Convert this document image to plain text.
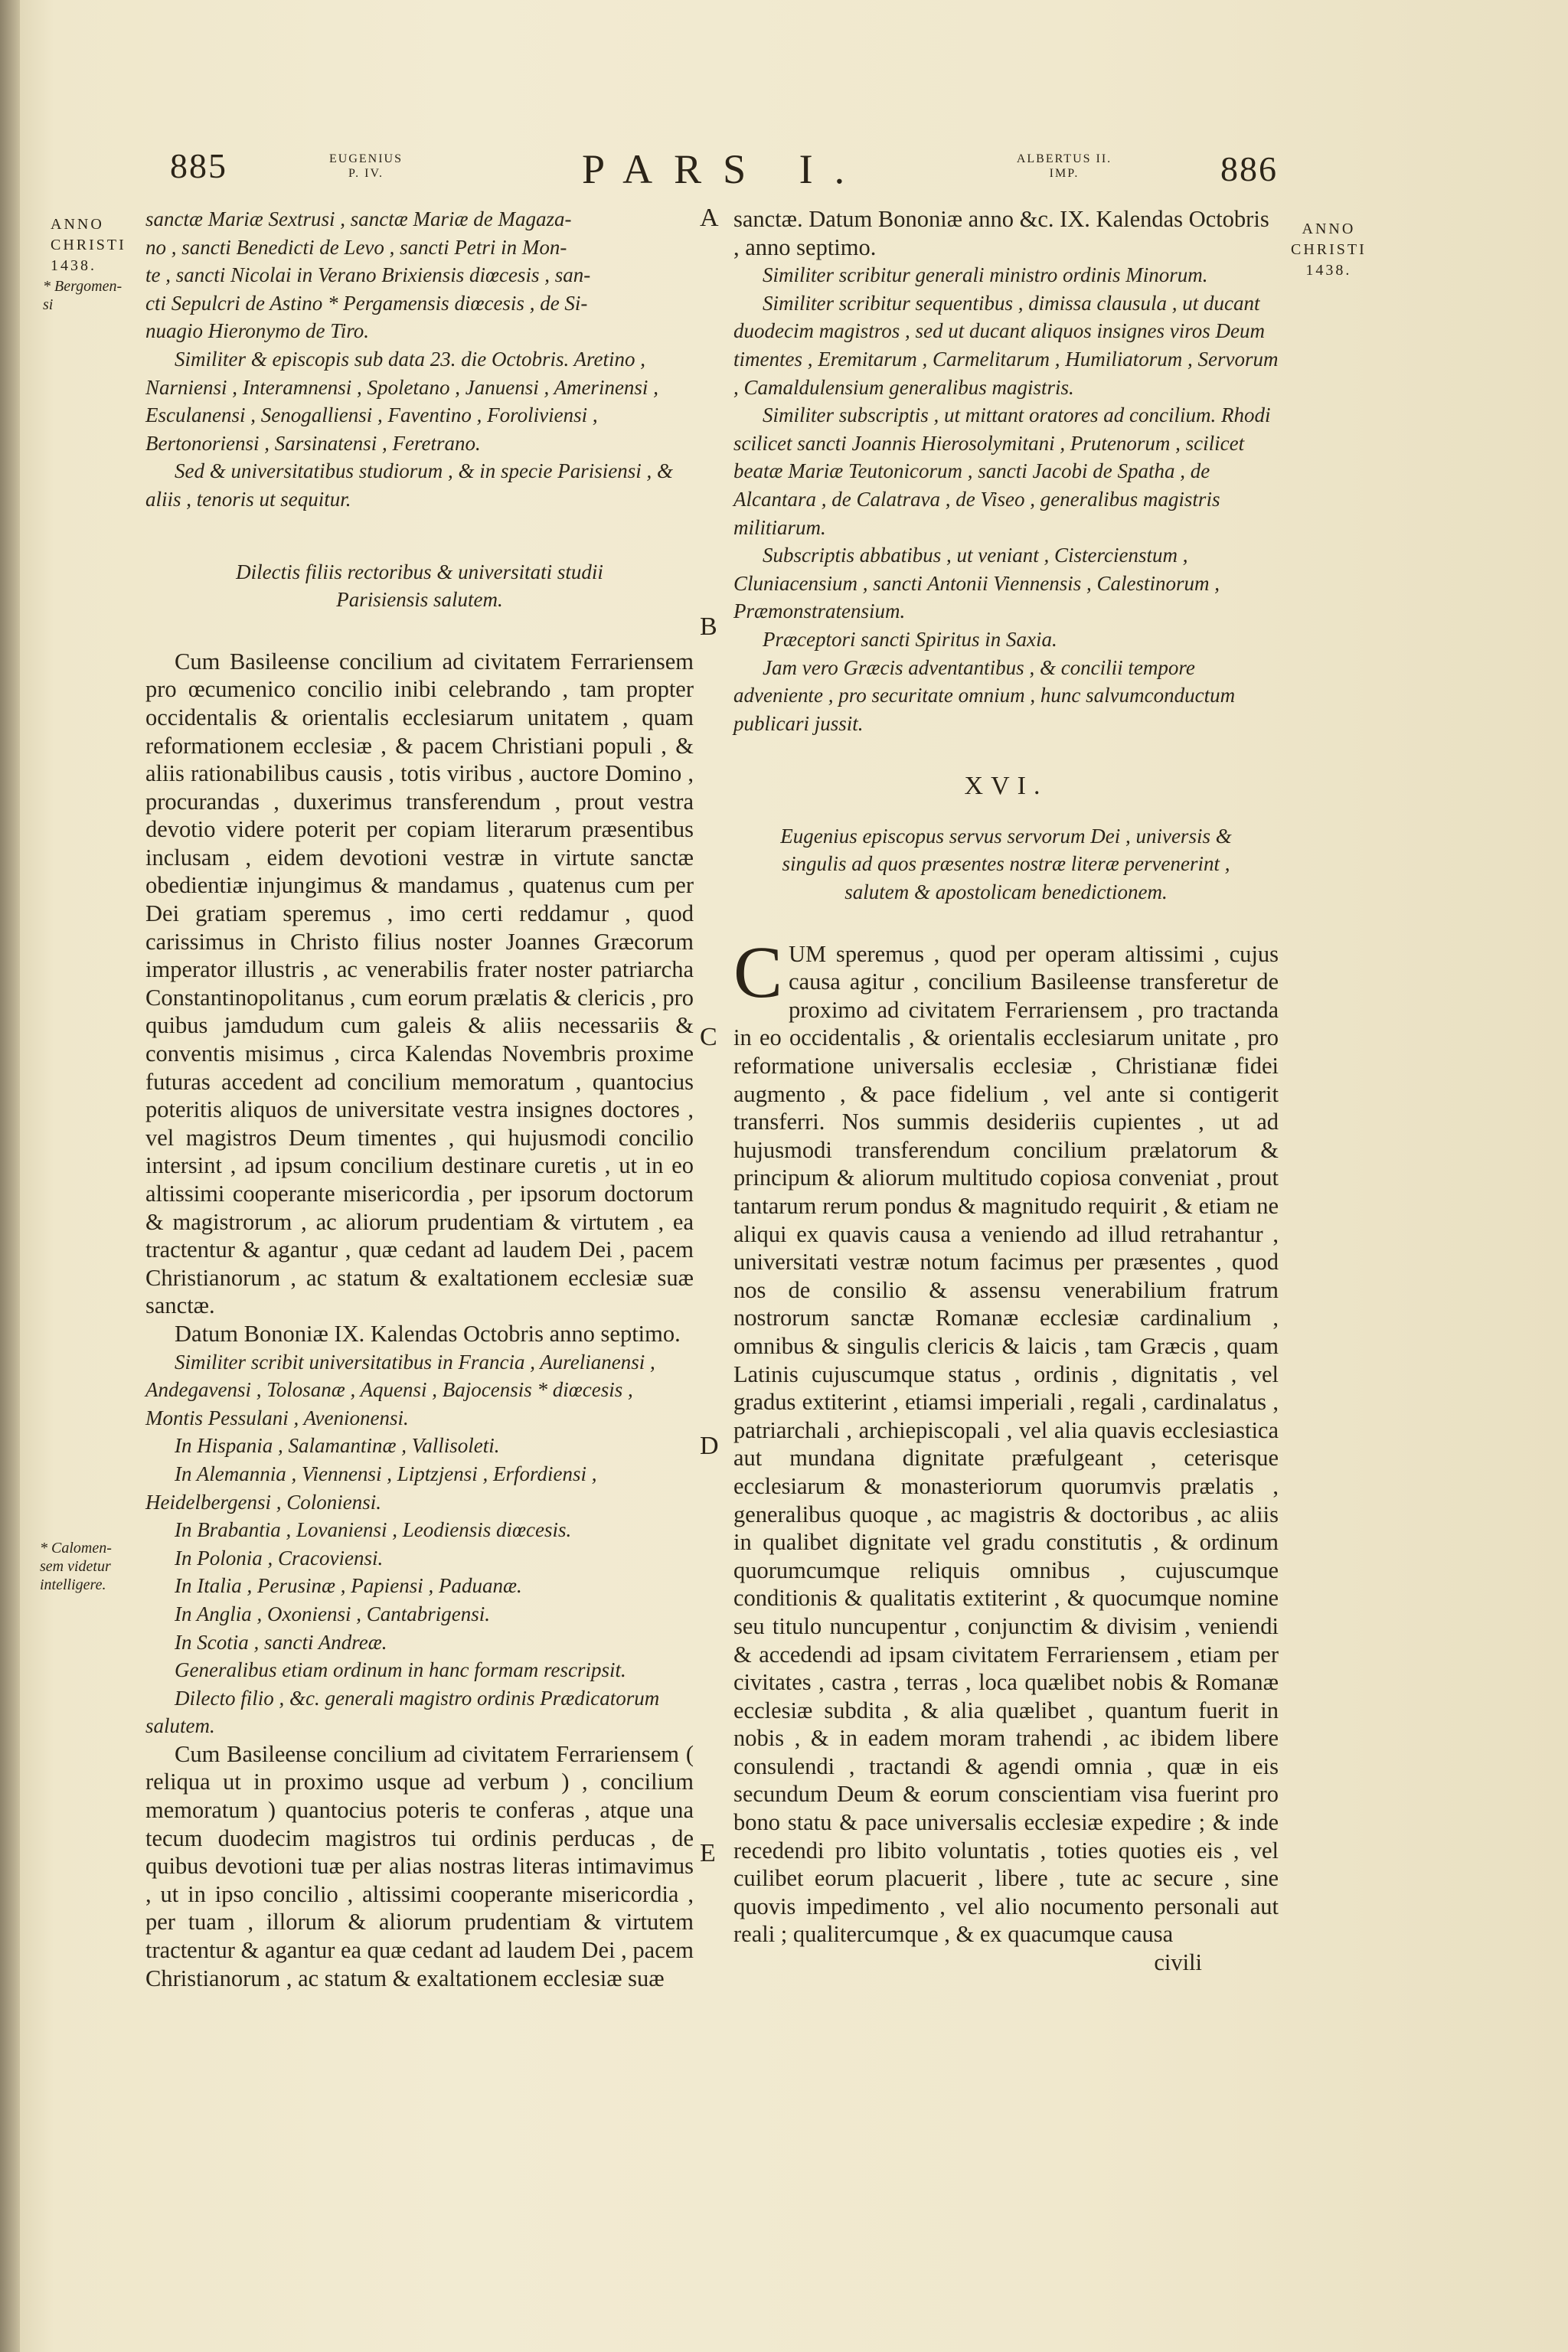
885	EUGENIUS
P. IV.	PARS I.	ALBERTUS II.
IMP.	886
ANNO
CHRISTI
1438.
ANNO
CHRISTI
1438.
* Bergomen-
si
* Calomen-
sem videtur
intelligere.
A
B
C
D
E

sanctæ Mariæ Sextrusi , sanctæ Mariæ de Magaza-

no , sancti Benedicti de Levo , sancti Petri in Mon-

te , sancti Nicolai in Verano Brixiensis diœcesis , san-

cti Sepulcri de Astino * Pergamensis diœcesis , de Si-

nuagio Hieronymo de Tiro.

Similiter & episcopis sub data 23. die Octobris. Aretino , Narniensi , Interamnensi , Spoletano , Januensi , Amerinensi , Esculanensi , Senogalliensi , Faventino , Foroliviensi , Bertonoriensi , Sarsinatensi , Feretrano.

Sed & universitatibus studiorum , & in specie Parisiensi , & aliis , tenoris ut sequitur.

Dilectis filiis rectoribus & universitati studii

Parisiensis salutem.

Cum Basileense concilium ad civitatem Ferrariensem pro œcumenico concilio inibi celebrando , tam propter occidentalis & orientalis ecclesiarum unitatem , quam reformationem ecclesiæ , & pacem Christiani populi , & aliis rationabilibus causis , totis viribus , auctore Domino , procurandas , duxerimus transferendum , prout vestra devotio videre poterit per copiam literarum præsentibus inclusam , eidem devotioni vestræ in virtute sanctæ obedientiæ injungimus & mandamus , quatenus cum per Dei gratiam speremus , imo certi reddamur , quod carissimus in Christo filius noster Joannes Græcorum imperator illustris , ac venerabilis frater noster patriarcha Constantinopolitanus , cum eorum prælatis & clericis , pro quibus jamdudum cum galeis & aliis necessariis & conventis misimus , circa Kalendas Novembris proxime futuras accedent ad concilium memoratum , quantocius poteritis aliquos de universitate vestra insignes doctores , vel magistros Deum timentes , qui hujusmodi concilio intersint , ad ipsum concilium destinare curetis , ut in eo altissimi cooperante misericordia , per ipsorum doctorum & magistrorum , ac aliorum prudentiam & virtutem , ea tractentur & agantur , quæ cedant ad laudem Dei , pacem Christianorum , ac statum & exaltationem ecclesiæ suæ sanctæ.

Datum Bononiæ IX. Kalendas Octobris anno septimo.

Similiter scribit universitatibus in Francia , Aurelianensi , Andegavensi , Tolosanæ , Aquensi , Bajocensis * diœcesis , Montis Pessulani , Avenionensi.

In Hispania , Salamantinæ , Vallisoleti.

In Alemannia , Viennensi , Liptzjensi , Erfordiensi , Heidelbergensi , Coloniensi.

In Brabantia , Lovaniensi , Leodiensis diœcesis.

In Polonia , Cracoviensi.

In Italia , Perusinæ , Papiensi , Paduanæ.

In Anglia , Oxoniensi , Cantabrigensi.

In Scotia , sancti Andreæ.

Generalibus etiam ordinum in hanc formam rescripsit.

Dilecto filio , &c. generali magistro ordinis Prædicatorum salutem.

Cum Basileense concilium ad civitatem Ferrariensem ( reliqua ut in proximo usque ad verbum ) , concilium memoratum ) quantocius poteris te conferas , atque una tecum duodecim magistros tui ordinis perducas , de quibus devotioni tuæ per alias nostras literas intimavimus , ut in ipso concilio , altissimi cooperante misericordia , per tuam , illorum & aliorum prudentiam & virtutem tractentur & agantur ea quæ cedant ad laudem Dei , pacem Christianorum , ac statum & exaltationem ecclesiæ suæ

sanctæ. Datum Bononiæ anno &c. IX. Kalendas Octobris , anno septimo.

Similiter scribitur generali ministro ordinis Minorum.

Similiter scribitur sequentibus , dimissa clausula , ut ducant duodecim magistros , sed ut ducant aliquos insignes viros Deum timentes , Eremitarum , Carmelitarum , Humiliatorum , Servorum , Camaldulensium generalibus magistris.

Similiter subscriptis , ut mittant oratores ad concilium. Rhodi scilicet sancti Joannis Hierosolymitani , Prutenorum , scilicet beatæ Mariæ Teutonicorum , sancti Jacobi de Spatha , de Alcantara , de Calatrava , de Viseo , generalibus magistris militiarum.

Subscriptis abbatibus , ut veniant , Cistercienstum , Cluniacensium , sancti Antonii Viennensis , Calestinorum , Præmonstratensium.

Præceptori sancti Spiritus in Saxia.

Jam vero Græcis adventantibus , & concilii tempore adveniente , pro securitate omnium , hunc salvumconductum publicari jussit.

XVI.

Eugenius episcopus servus servorum Dei , universis & singulis ad quos præsentes nostræ literæ pervenerint , salutem & apostolicam benedictionem.

CUM speremus , quod per operam altissimi , cujus causa agitur , concilium Basileense transferetur de proximo ad civitatem Ferrariensem , pro tractanda in eo occidentalis , & orientalis ecclesiarum unitate , pro reformatione universalis ecclesiæ , Christianæ fidei augmento , & pace fidelium , vel ante si contigerit transferri. Nos summis desideriis cupientes , ut ad hujusmodi transferendum concilium prælatorum & principum & aliorum multitudo copiosa conveniat , prout tantarum rerum pondus & magnitudo requirit , & etiam ne aliqui ex quavis causa a veniendo ad illud retrahantur , universitati vestræ notum facimus per præsentes , quod nos de consilio & assensu venerabilium fratrum nostrorum sanctæ Romanæ ecclesiæ cardinalium , omnibus & singulis clericis & laicis , tam Græcis , quam Latinis cujuscumque status , ordinis , dignitatis , vel gradus extiterint , etiamsi imperiali , regali , cardinalatus , patriarchali , archiepiscopali , vel alia quavis ecclesiastica aut mundana dignitate præfulgeant , ceterisque ecclesiarum & monasteriorum quorumvis prælatis , generalibus quoque , ac magistris & doctoribus , ac aliis in qualibet dignitate vel gradu constitutis , & ordinum quorumcumque reliquis omnibus , cujuscumque conditionis & qualitatis extiterint , & quocumque nomine seu titulo nuncupentur , conjunctim & divisim , veniendi & accedendi ad ipsam civitatem Ferrariensem , etiam per civitates , castra , terras , loca quælibet nobis & Romanæ ecclesiæ subdita , & alia quælibet , quantum fuerit in nobis , & in eadem moram trahendi , ac ibidem libere consulendi , tractandi & agendi omnia , quæ in eis secundum Deum & eorum conscientiam visa fuerint pro bono statu & pace universalis ecclesiæ expedire ; & inde recedendi pro libito voluntatis , toties quoties eis , vel cuilibet eorum placuerit , libere , tute ac secure , sine quovis impedimento , vel alio nocumento personali aut reali ; qualitercumque , & ex quacumque causa

civili
